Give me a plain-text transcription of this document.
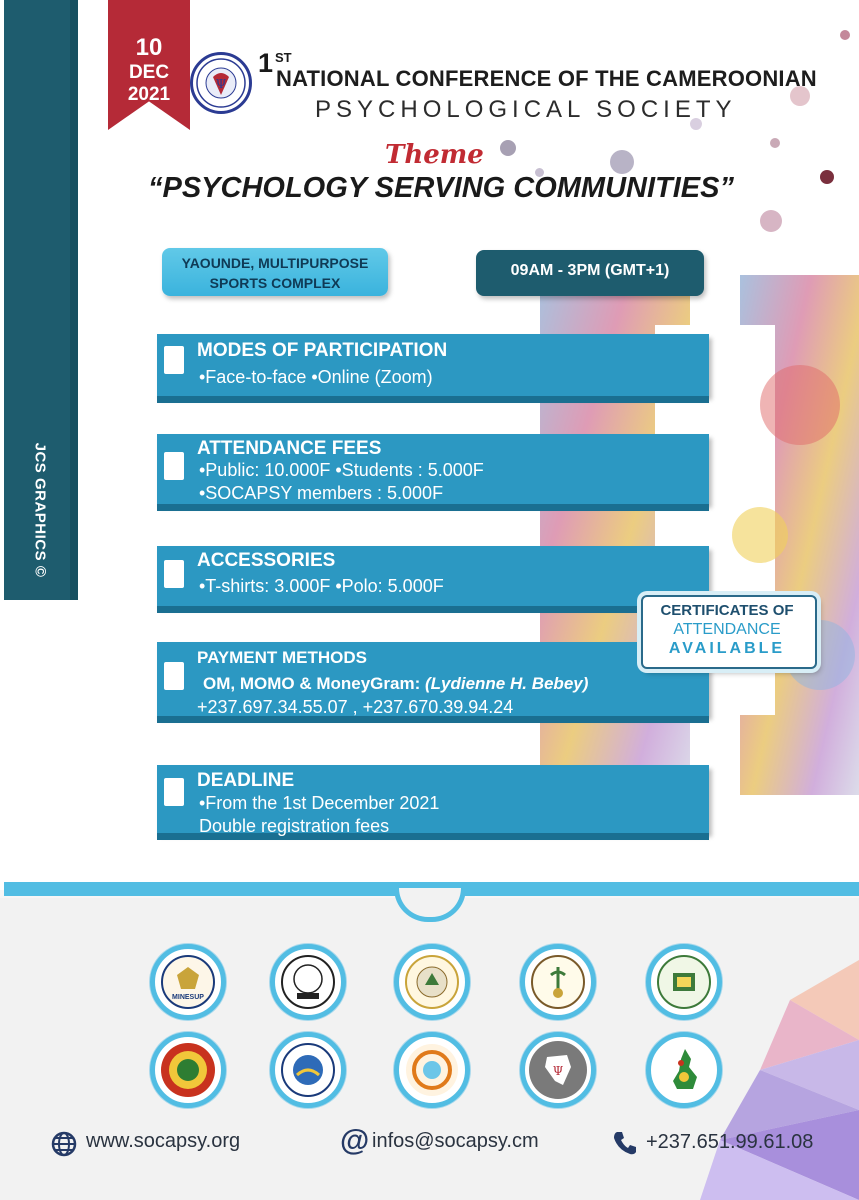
JCS GRAPHICS ©
10
DEC
2021	Ψ
1 ST
NATIONAL CONFERENCE OF THE CAMEROONIAN
PSYCHOLOGICAL SOCIETY
Theme
“PSYCHOLOGY SERVING COMMUNITIES”
YAOUNDE, MULTIPURPOSE
SPORTS COMPLEX
09AM - 3PM (GMT+1)
MODES OF PARTICIPATION
•Face-to-face •Online (Zoom)
ATTENDANCE FEES
•Public: 10.000F •Students : 5.000F
•SOCAPSY members : 5.000F
ACCESSORIES
•T-shirts: 3.000F •Polo: 5.000F
PAYMENT METHODS
OM, MOMO & MoneyGram: (Lydienne H. Bebey)
+237.697.34.55.07 , +237.670.39.94.24
DEADLINE
•From the 1st December 2021
Double registration fees
CERTIFICATES OF
ATTENDANCE
AVAILABLE
MINESUP
Ψ
www.socapsy.org	@ infos@socapsy.cm	+237.651.99.61.08
